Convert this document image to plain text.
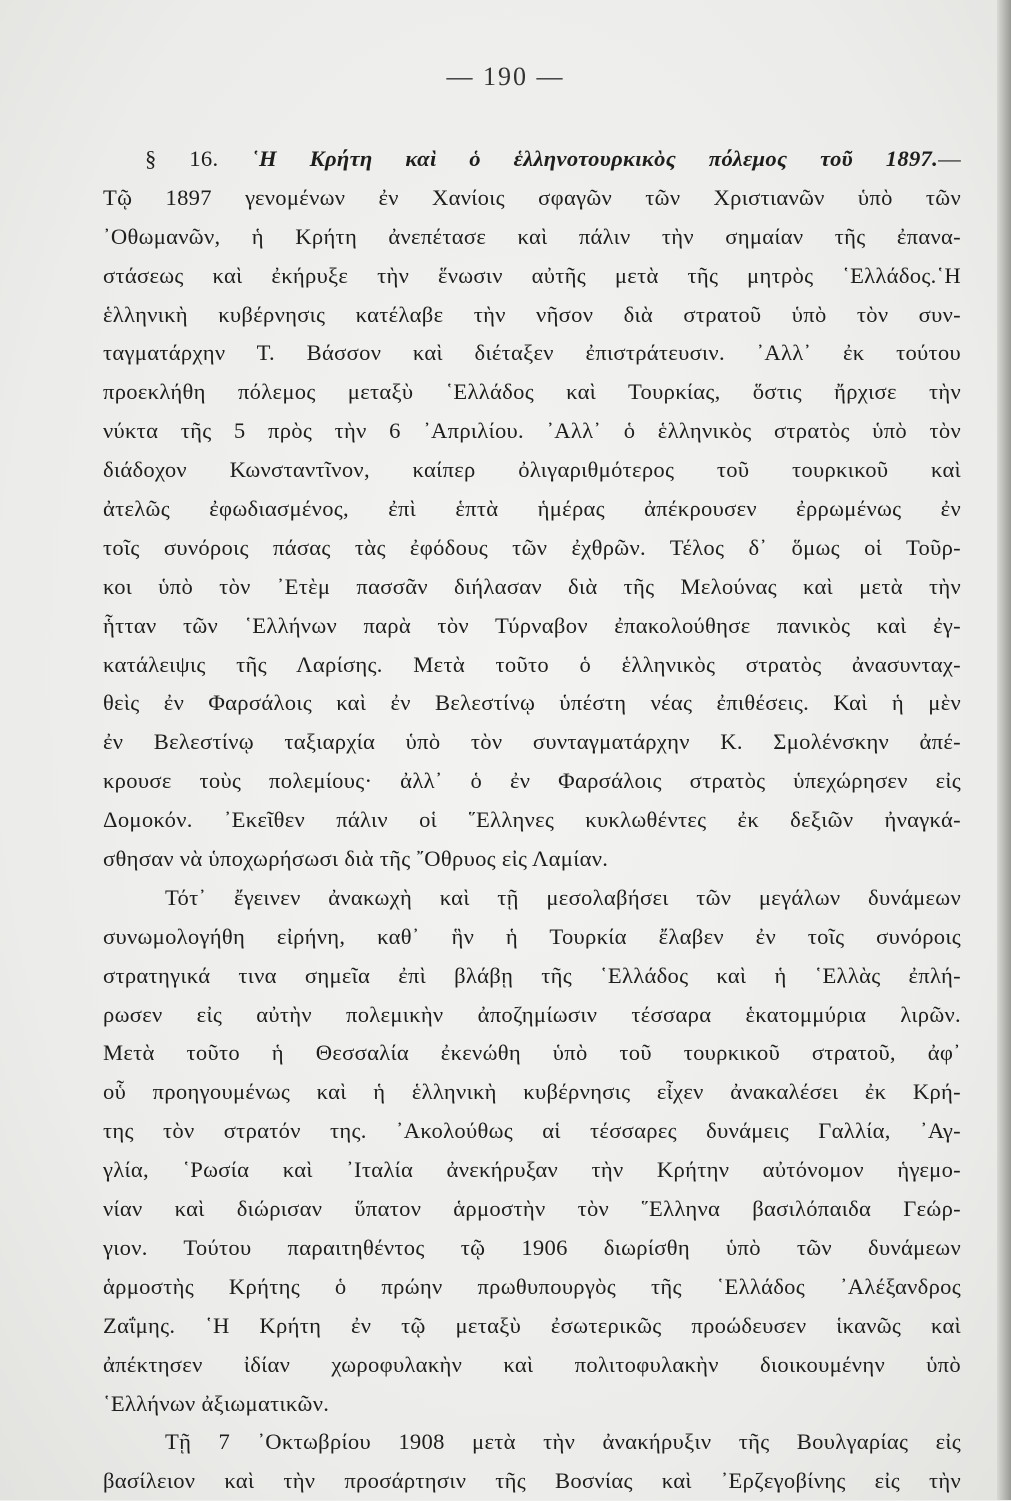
— 190 —
§ 16. ῾Η Κρήτη καὶ ὁ ἑλληνοτουρκικὸς πόλεμος τοῦ 1897.—
Τῷ 1897 γενομένων ἐν Χανίοις σφαγῶν τῶν Χριστιανῶν ὑπὸ τῶν
᾿Οθωμανῶν, ἡ Κρήτη ἀνεπέτασε καὶ πάλιν τὴν σημαίαν τῆς ἐπανα-
στάσεως καὶ ἐκήρυξε τὴν ἕνωσιν αὐτῆς μετὰ τῆς μητρὸς ῾Ελλάδος.῾Η
ἑλληνικὴ κυβέρνησις κατέλαβε τὴν νῆσον διὰ στρατοῦ ὑπὸ τὸν συν-
ταγματάρχην Τ. Βάσσον καὶ διέταξεν ἐπιστράτευσιν. ᾿Αλλ᾿ ἐκ τούτου
προεκλήθη πόλεμος μεταξὺ ῾Ελλάδος καὶ Τουρκίας, ὅστις ἤρχισε τὴν
νύκτα τῆς 5 πρὸς τὴν 6 ᾿Απριλίου. ᾿Αλλ᾿ ὁ ἑλληνικὸς στρατὸς ὑπὸ τὸν
διάδοχον Κωνσταντῖνον, καίπερ ὀλιγαριθμότερος τοῦ τουρκικοῦ καὶ
ἀτελῶς ἐφωδιασμένος, ἐπὶ ἑπτὰ ἡμέρας ἀπέκρουσεν ἐρρωμένως ἐν
τοῖς συνόροις πάσας τὰς ἐφόδους τῶν ἐχθρῶν. Τέλος δ᾿ ὅμως οἱ Τοῦρ-
κοι ὑπὸ τὸν ᾿Ετὲμ πασσᾶν διήλασαν διὰ τῆς Μελούνας καὶ μετὰ τὴν
ἧτταν τῶν ῾Ελλήνων παρὰ τὸν Τύρναβον ἐπακολούθησε πανικὸς καὶ ἐγ-
κατάλειψις τῆς Λαρίσης. Μετὰ τοῦτο ὁ ἑλληνικὸς στρατὸς ἀνασυνταχ-
θεὶς ἐν Φαρσάλοις καὶ ἐν Βελεστίνῳ ὑπέστη νέας ἐπιθέσεις. Καὶ ἡ μὲν
ἐν Βελεστίνῳ ταξιαρχία ὑπὸ τὸν συνταγματάρχην Κ. Σμολένσκην ἀπέ-
κρουσε τοὺς πολεμίους· ἀλλ᾿ ὁ ἐν Φαρσάλοις στρατὸς ὑπεχώρησεν εἰς
Δομοκόν. ᾿Εκεῖθεν πάλιν οἱ ῞Ελληνες κυκλωθέντες ἐκ δεξιῶν ἠναγκά-
σθησαν νὰ ὑποχωρήσωσι διὰ τῆς ῎Οθρυος εἰς Λαμίαν.
Τότ᾿ ἔγεινεν ἀνακωχὴ καὶ τῇ μεσολαβήσει τῶν μεγάλων δυνάμεων
συνωμολογήθη εἰρήνη, καθ᾿ ἣν ἡ Τουρκία ἔλαβεν ἐν τοῖς συνόροις
στρατηγικά τινα σημεῖα ἐπὶ βλάβῃ τῆς ῾Ελλάδος καὶ ἡ ῾Ελλὰς ἐπλή-
ρωσεν εἰς αὐτὴν πολεμικὴν ἀποζημίωσιν τέσσαρα ἑκατομμύρια λιρῶν.
Μετὰ τοῦτο ἡ Θεσσαλία ἐκενώθη ὑπὸ τοῦ τουρκικοῦ στρατοῦ, ἀφ᾿
οὗ προηγουμένως καὶ ἡ ἑλληνικὴ κυβέρνησις εἶχεν ἀνακαλέσει ἐκ Κρή-
της τὸν στρατόν της. ᾿Ακολούθως αἱ τέσσαρες δυνάμεις Γαλλία, ᾿Αγ-
γλία, ῾Ρωσία καὶ ᾿Ιταλία ἀνεκήρυξαν τὴν Κρήτην αὐτόνομον ἡγεμο-
νίαν καὶ διώρισαν ὕπατον ἁρμοστὴν τὸν ῞Ελληνα βασιλόπαιδα Γεώρ-
γιον. Τούτου παραιτηθέντος τῷ 1906 διωρίσθη ὑπὸ τῶν δυνάμεων
ἁρμοστὴς Κρήτης ὁ πρώην πρωθυπουργὸς τῆς ῾Ελλάδος ᾿Αλέξανδρος
Ζαΐμης. ῾Η Κρήτη ἐν τῷ μεταξὺ ἐσωτερικῶς προώδευσεν ἱκανῶς καὶ
ἀπέκτησεν ἰδίαν χωροφυλακὴν καὶ πολιτοφυλακὴν διοικουμένην ὑπὸ
῾Ελλήνων ἀξιωματικῶν.
Τῇ 7 ᾿Οκτωβρίου 1908 μετὰ τὴν ἀνακήρυξιν τῆς Βουλγαρίας εἰς
βασίλειον καὶ τὴν προσάρτησιν τῆς Βοσνίας καὶ ᾿Ερζεγοβίνης εἰς τὴν
